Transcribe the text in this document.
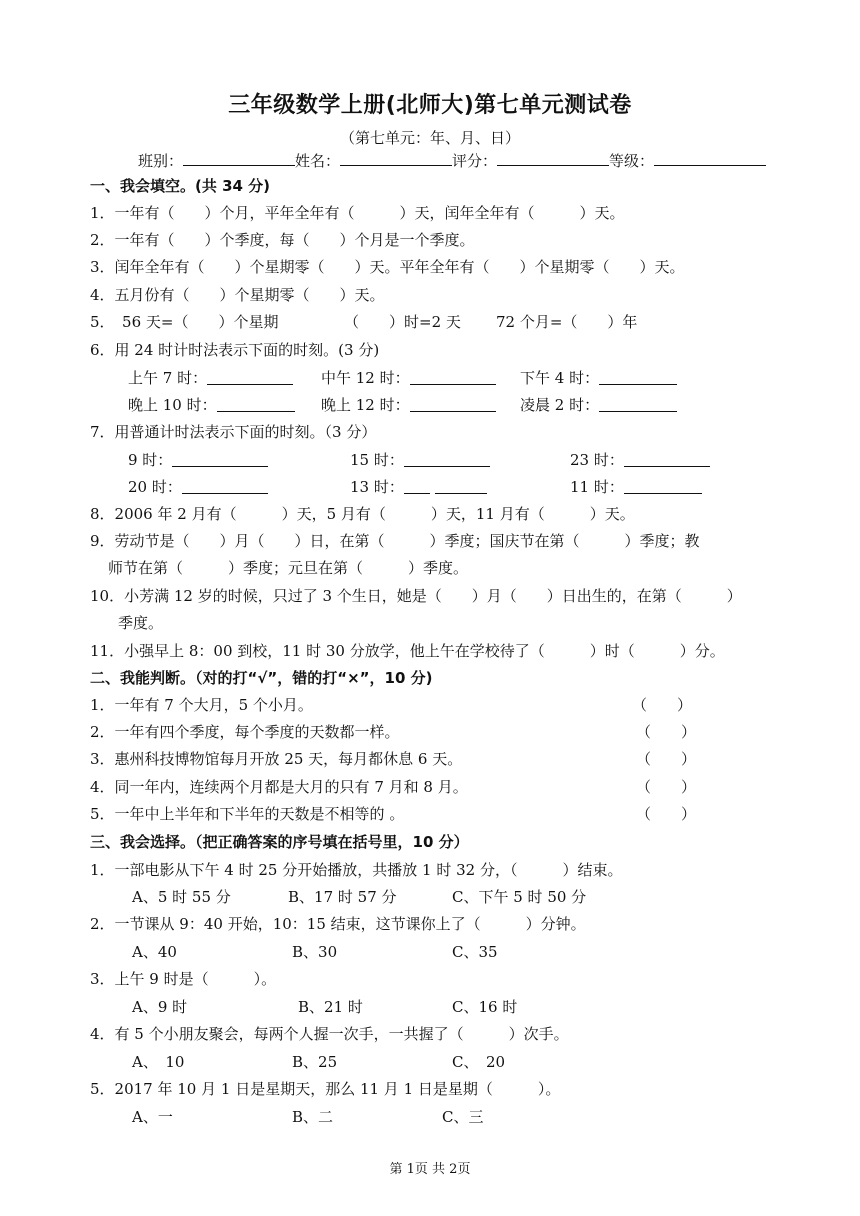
三年级数学上册(北师大)第七单元测试卷
（第七单元：年、月、日）
班别：	姓名：	评分：	等级：
一、我会填空。(共 34 分)
1．一年有（　　）个月，平年全年有（　　　）天，闰年全年有（　　　）天。
2．一年有（　　）个季度，每（　　）个月是一个季度。
3．闰年全年有（　　）个星期零（　　）天。平年全年有（　　）个星期零（　　）天。
4．五月份有（　　）个星期零（　　）天。
5．　56 天=（　　）个星期	（　　）时=2 天 72 个月=（　　）年
6．用 24 时计时法表示下面的时刻。(3 分)
上午 7 时：	中午 12 时：	下午 4 时：
晚上 10 时：	晚上 12 时：	凌晨 2 时：
7．用普通计时法表示下面的时刻。（3 分）
9 时：	15 时：	23 时：
20 时：	13 时：	11 时：
8．2006 年 2 月有（　　　）天，5 月有（　　　）天，11 月有（　　　）天。
9．劳动节是（　　）月（　　）日，在第（　　　）季度；国庆节在第（　　　）季度；教
师节在第（　　　）季度；元旦在第（　　　）季度。
10．小芳满 12 岁的时候，只过了 3 个生日，她是（　　）月（　　）日出生的，在第（　　　）
季度。
11．小强早上 8：00 到校，11 时 30 分放学，他上午在学校待了（　　　）时（　　　）分。
二、我能判断。（对的打“√”，错的打“×”，10 分)
1．一年有 7 个大月，5 个小月。	（　　）
2．一年有四个季度，每个季度的天数都一样。	（　　）
3．惠州科技博物馆每月开放 25 天，每月都休息 6 天。	（　　）
4．同一年内，连续两个月都是大月的只有 7 月和 8 月。	（　　）
5．一年中上半年和下半年的天数是不相等的 。	（　　）
三、我会选择。（把正确答案的序号填在括号里，10 分）
1．一部电影从下午 4 时 25 分开始播放，共播放 1 时 32 分，（　　　）结束。
A、5 时 55 分	B、17 时 57 分	C、下午 5 时 50 分
2．一节课从 9：40 开始，10：15 结束，这节课你上了（　　　）分钟。
A、40	B、30	C、35
3．上午 9 时是（　　　）。
A、9 时	B、21 时	C、16 时
4．有 5 个小朋友聚会，每两个人握一次手，一共握了（　　　）次手。
A、　10	B、25	C、　20
5．2017 年 10 月 1 日是星期天，那么 11 月 1 日是星期（　　　）。
A、一	B、二	C、三
第 1页 共 2页
